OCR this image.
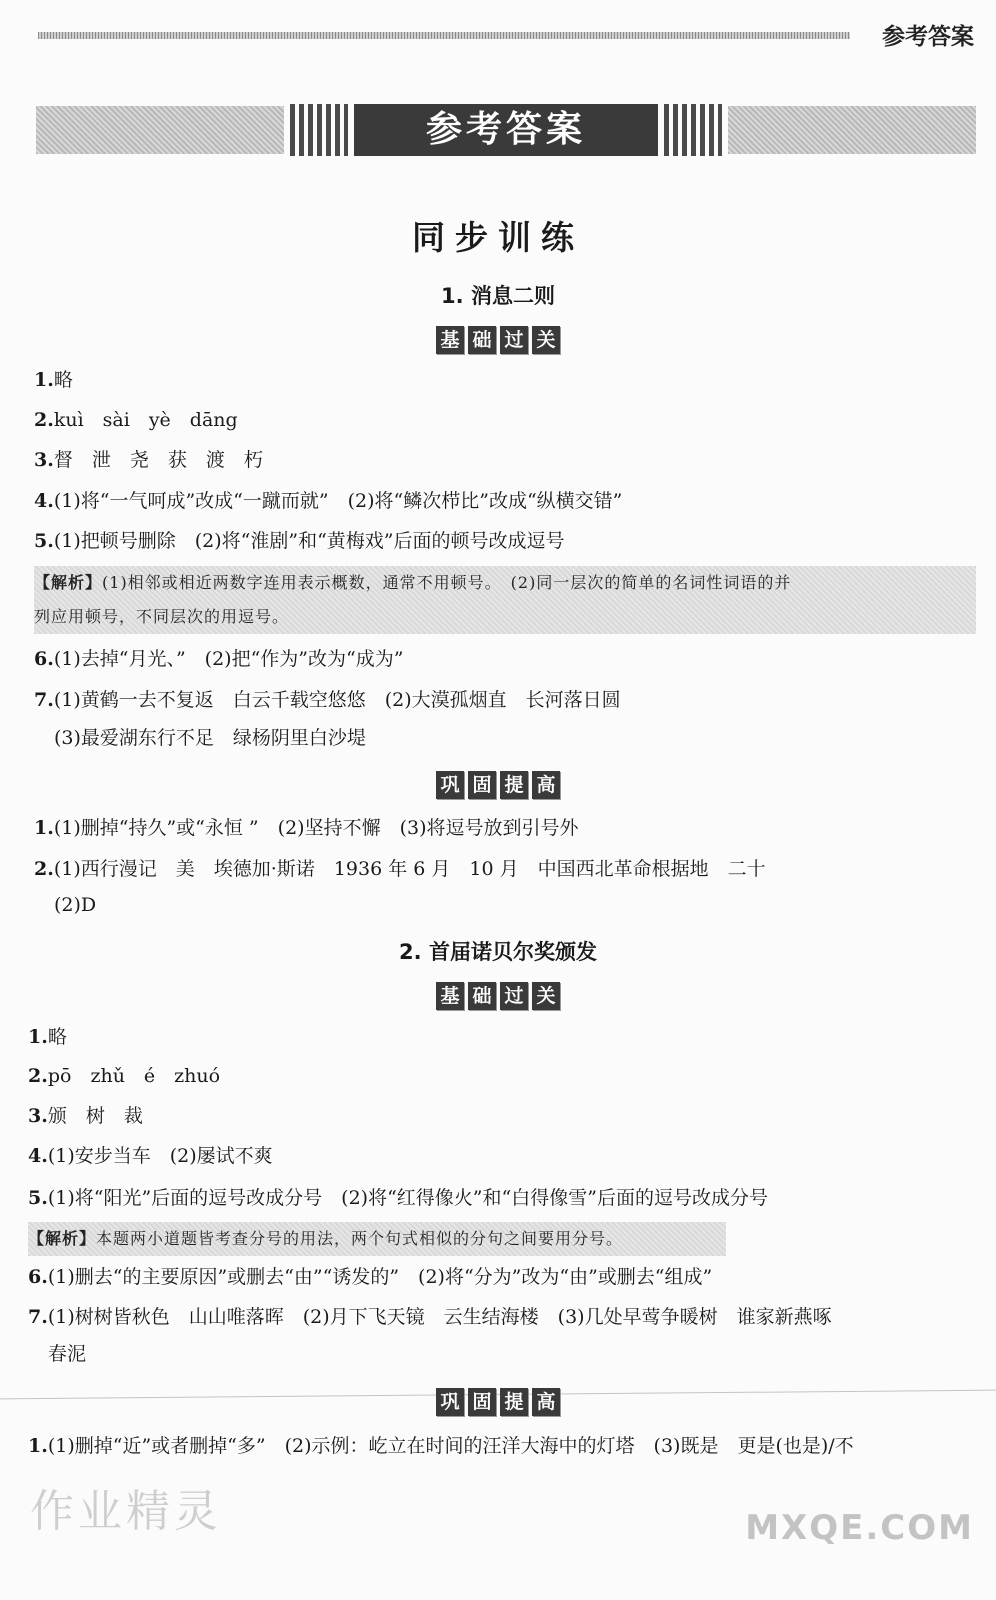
参考答案
参考答案
同步训练
1. 消息二则
基 础 过 关
1.略
2.kuì　sài　yè　dāng
3.督　泄　尧　获　渡　朽
4.(1)将“一气呵成”改成“一蹴而就”　(2)将“鳞次栉比”改成“纵横交错”
5.(1)把顿号删除　(2)将“淮剧”和“黄梅戏”后面的顿号改成逗号
【解析】(1)相邻或相近两数字连用表示概数，通常不用顿号。　(2)同一层次的简单的名词性词语的并
列应用顿号，不同层次的用逗号。
6.(1)去掉“月光、”　(2)把“作为”改为“成为”
7.(1)黄鹤一去不复返　白云千载空悠悠　(2)大漠孤烟直　长河落日圆
(3)最爱湖东行不足　绿杨阴里白沙堤
巩 固 提 高
1.(1)删掉“持久”或“永恒 ”　(2)坚持不懈　(3)将逗号放到引号外
2.(1)西行漫记　美　埃德加·斯诺　1936 年 6 月　10 月　中国西北革命根据地　二十
(2)D
2. 首届诺贝尔奖颁发
基 础 过 关
1.略
2.pō　zhǔ　é　zhuó
3.颁　树　裁
4.(1)安步当车　(2)屡试不爽
5.(1)将“阳光”后面的逗号改成分号　(2)将“红得像火”和“白得像雪”后面的逗号改成分号
【解析】本题两小道题皆考查分号的用法，两个句式相似的分句之间要用分号。
6.(1)删去“的主要原因”或删去“由”“诱发的”　(2)将“分为”改为“由”或删去“组成”
7.(1)树树皆秋色　山山唯落晖　(2)月下飞天镜　云生结海楼　(3)几处早莺争暖树　谁家新燕啄
春泥
巩 固 提 高
1.(1)删掉“近”或者删掉“多”　(2)示例：屹立在时间的汪洋大海中的灯塔　(3)既是　更是(也是)/不
作业精灵	MXQE.COM
